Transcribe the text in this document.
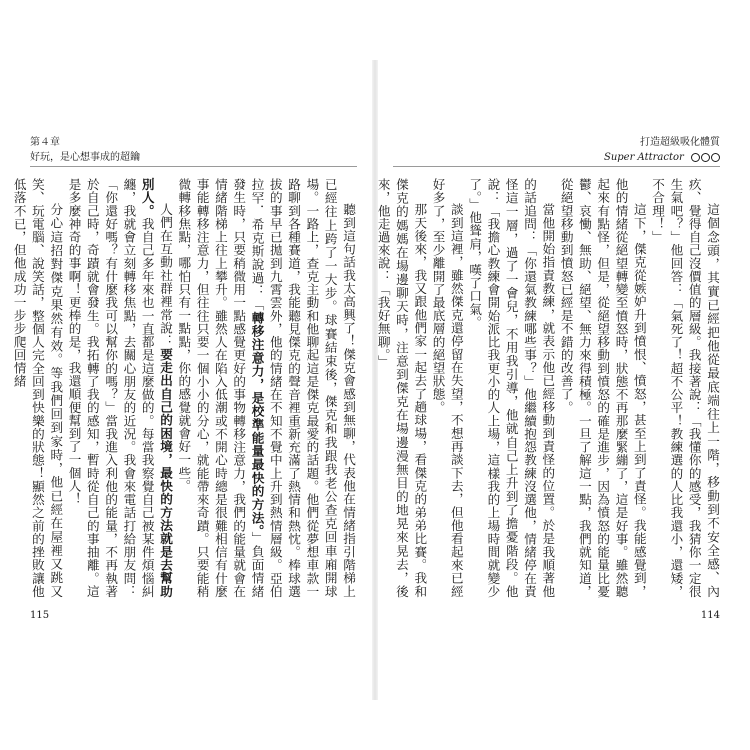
第４章
好玩，是心想事成的超鑰

聽到這句話我太高興了！傑克會感到無聊，代表他在情緒指引階梯上已經往上跨了一大步。球賽結束後，傑克和我跟我老公查克回車廂開球場。一路上，查克主動和他聊起這是傑克最愛的話題。他們從夢想車款一路聊到各種賽道，我能聽見傑克的聲音裡重新充滿了熱情和熱忱。棒球選拔的事早已拋到九霄雲外，他的情緒在不知不覺中上升到熱情層級。亞伯拉罕．希克斯說過：「轉移注意力，是校準能量最快的方法。」負面情緒發生時，只要稍微用一點感覺更好的事物轉移注意力，我們的能量就會在情緒階梯上往上攀升。雖然人在陷入低潮或不開心時總是很難相信有什麼事能轉移注意力，但往往只要一個小小的分心，就能帶來奇蹟。只要能稍微轉移焦點，哪怕只有一點點，你的感覺就會好一些。

人們在互動社群裡常說：要走出自己的困境，最快的方法就是去幫助別人。我自己多年來也一直都是這麼做的。每當我察覺自己被某件煩惱糾纏，我就會立刻轉移焦點，去關心朋友的近況。我會來電話打給朋友問：「你還好嗎？有什麼我可以幫你的嗎？」當我進入利他的能量，不再執著於自己時，奇蹟就會發生。我拓轉了我的感知，暫時從自己的事抽離。這是多麼神奇的事啊！更棒的是，我還順便幫到了一個人！

分心這招對傑克果然有效。等我們回到家時，他已經在屋裡又跳又笑、玩電腦、說笑話，整個人完全回到快樂的狀態！顯然之前的挫敗讓他低落不已，但他成功一步步爬回情緒

115
打造超級吸化體質
Super Attractor

這個念頭，其實已經把他從最底端往上一階，移動到不安全感、內疚、覺得自己沒價值的層級。我接著說：「我懂你的感受，我猜你一定很生氣吧？」他回答：「氣死了！超不公平！教練選的人比我還小，還矮，不合理！」

這下，傑克從嫉妒升到憤恨、憤怒，甚至上到了責怪。我能感覺到，他的情緒從絕望轉變至憤怒時，狀態不再那麼緊繃了，這是好事。雖然聽起來有點怪，但是，從絕望移動到憤怒的確是進步，因為憤怒的能量比憂鬱、哀慟、無助、絕望、無力來得積極。一旦了解這一點，我們就知道，從絕望移動到憤怒已經是不錯的改善了。

當他開始指責教練，就表示他已經移動到責怪的位置。於是我順著他的話追問：「你還氣教練哪些事？」他繼續抱怨教練沒選他，情緒停在責怪這一層，過了一會兒，不用我引導，他就自己上升到了擔憂階段。他說：「我擔心教練會開始派比我更小的人上場，這樣我的上場時間就變少了。」他聳肩，嘆了口氣。

談到這裡，雖然傑克還停留在失望，不想再談下去，但他看起來已經好多了，至少離開了最底層的絕望狀態。

那天後來，我又跟他們家一起去了趟球場，看傑克的弟弟比賽。我和傑克的媽媽在場邊聊天時，注意到傑克在場邊漫無目的地晃來晃去，後來，他走過來說：「我好無聊。」

114
